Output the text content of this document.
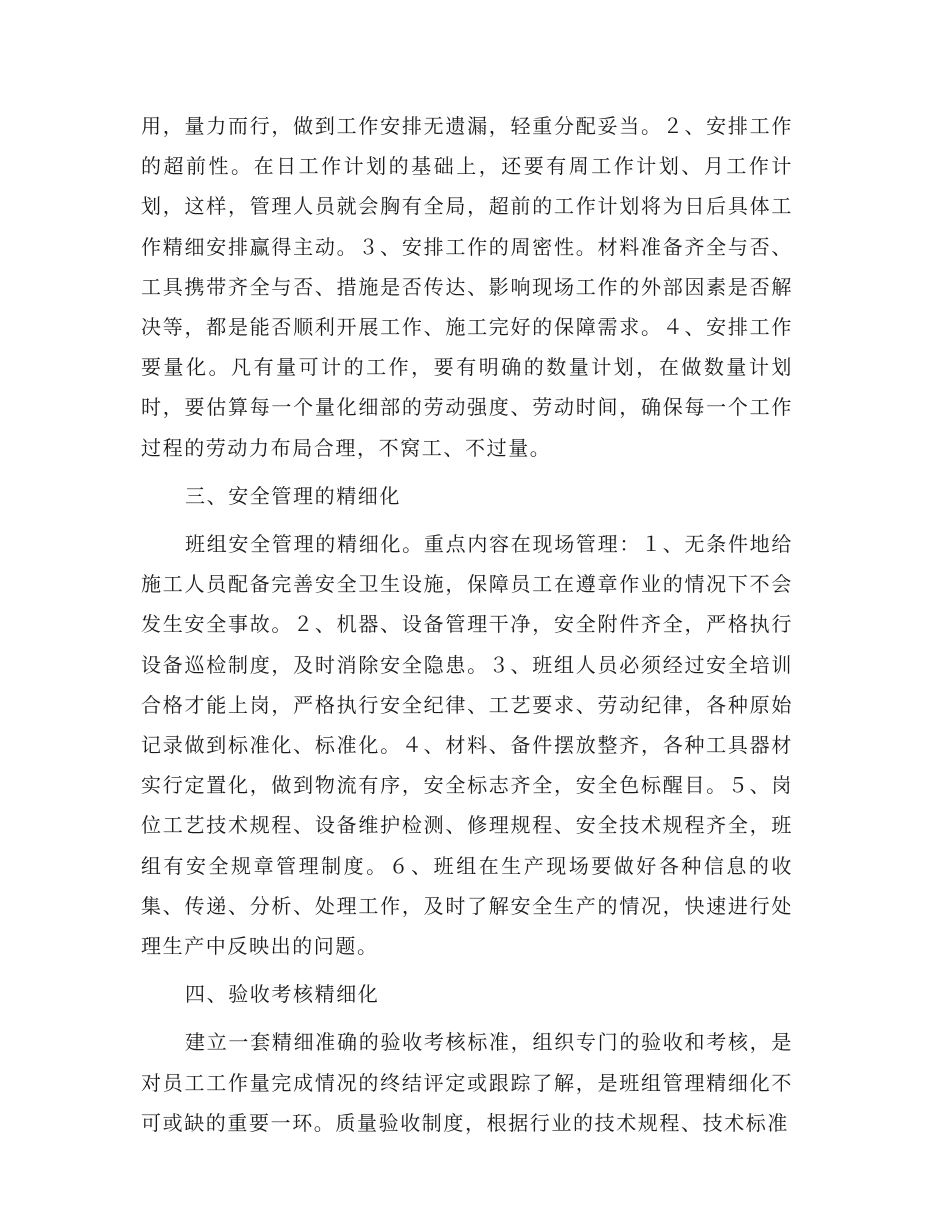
用，量力而行，做到工作安排无遗漏，轻重分配妥当。２、安排工作的超前性。在日工作计划的基础上，还要有周工作计划、月工作计划，这样，管理人员就会胸有全局，超前的工作计划将为日后具体工作精细安排赢得主动。３、安排工作的周密性。材料准备齐全与否、工具携带齐全与否、措施是否传达、影响现场工作的外部因素是否解决等，都是能否顺利开展工作、施工完好的保障需求。４、安排工作要量化。凡有量可计的工作，要有明确的数量计划，在做数量计划时，要估算每一个量化细部的劳动强度、劳动时间，确保每一个工作过程的劳动力布局合理，不窝工、不过量。

三、安全管理的精细化

班组安全管理的精细化。重点内容在现场管理：１、无条件地给施工人员配备完善安全卫生设施，保障员工在遵章作业的情况下不会发生安全事故。２、机器、设备管理干净，安全附件齐全，严格执行设备巡检制度，及时消除安全隐患。３、班组人员必须经过安全培训合格才能上岗，严格执行安全纪律、工艺要求、劳动纪律，各种原始记录做到标准化、标准化。４、材料、备件摆放整齐，各种工具器材实行定置化，做到物流有序，安全标志齐全，安全色标醒目。５、岗位工艺技术规程、设备维护检测、修理规程、安全技术规程齐全，班组有安全规章管理制度。６、班组在生产现场要做好各种信息的收集、传递、分析、处理工作，及时了解安全生产的情况，快速进行处理生产中反映出的问题。

四、验收考核精细化

建立一套精细准确的验收考核标准，组织专门的验收和考核，是对员工工作量完成情况的终结评定或跟踪了解，是班组管理精细化不可或缺的重要一环。质量验收制度，根据行业的技术规程、技术标准
